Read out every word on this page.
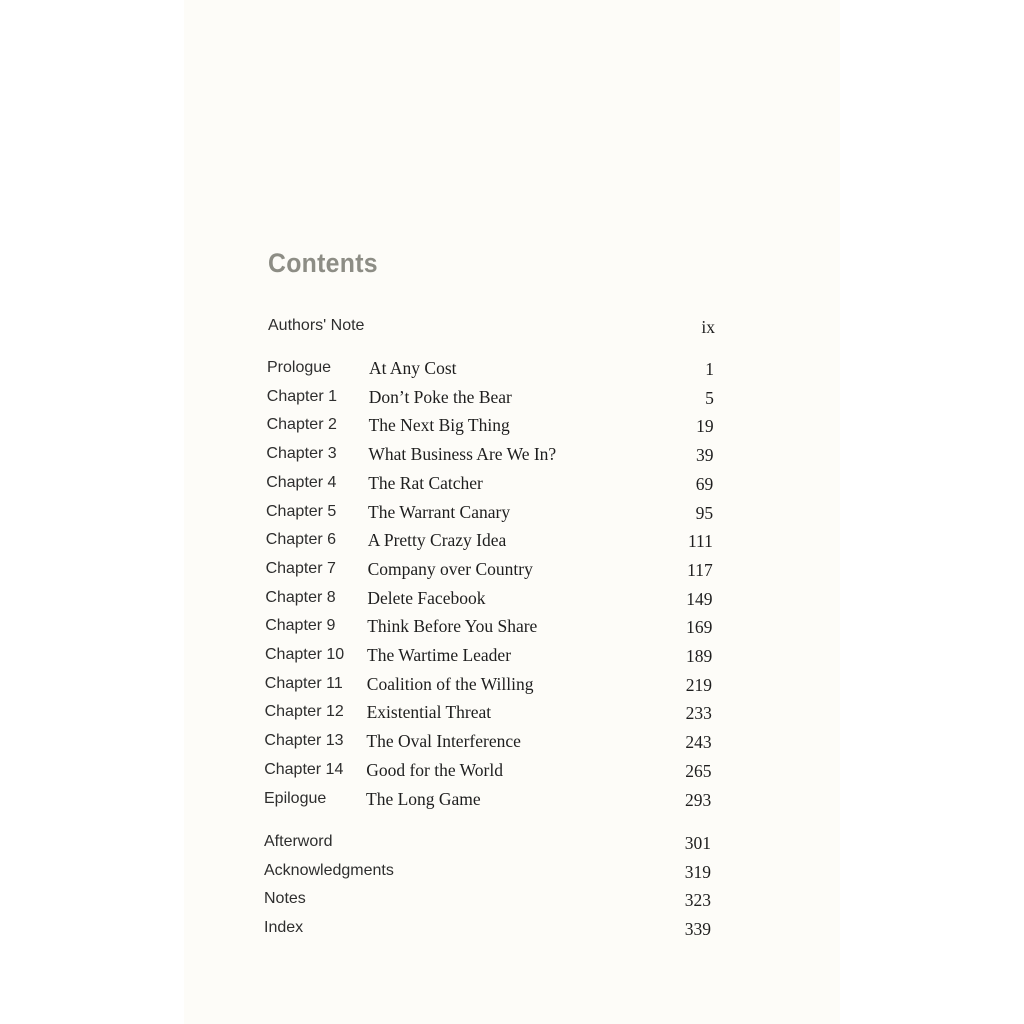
Contents
Authors' Note	ix
Prologue At Any Cost	1
Chapter 1 Don’t Poke the Bear	5
Chapter 2 The Next Big Thing	19
Chapter 3 What Business Are We In?	39
Chapter 4 The Rat Catcher	69
Chapter 5 The Warrant Canary	95
Chapter 6 A Pretty Crazy Idea	111
Chapter 7 Company over Country	117
Chapter 8 Delete Facebook	149
Chapter 9 Think Before You Share	169
Chapter 10 The Wartime Leader	189
Chapter 11 Coalition of the Willing	219
Chapter 12 Existential Threat	233
Chapter 13 The Oval Interference	243
Chapter 14 Good for the World	265
Epilogue The Long Game	293
Afterword	301
Acknowledgments	319
Notes	323
Index	339
